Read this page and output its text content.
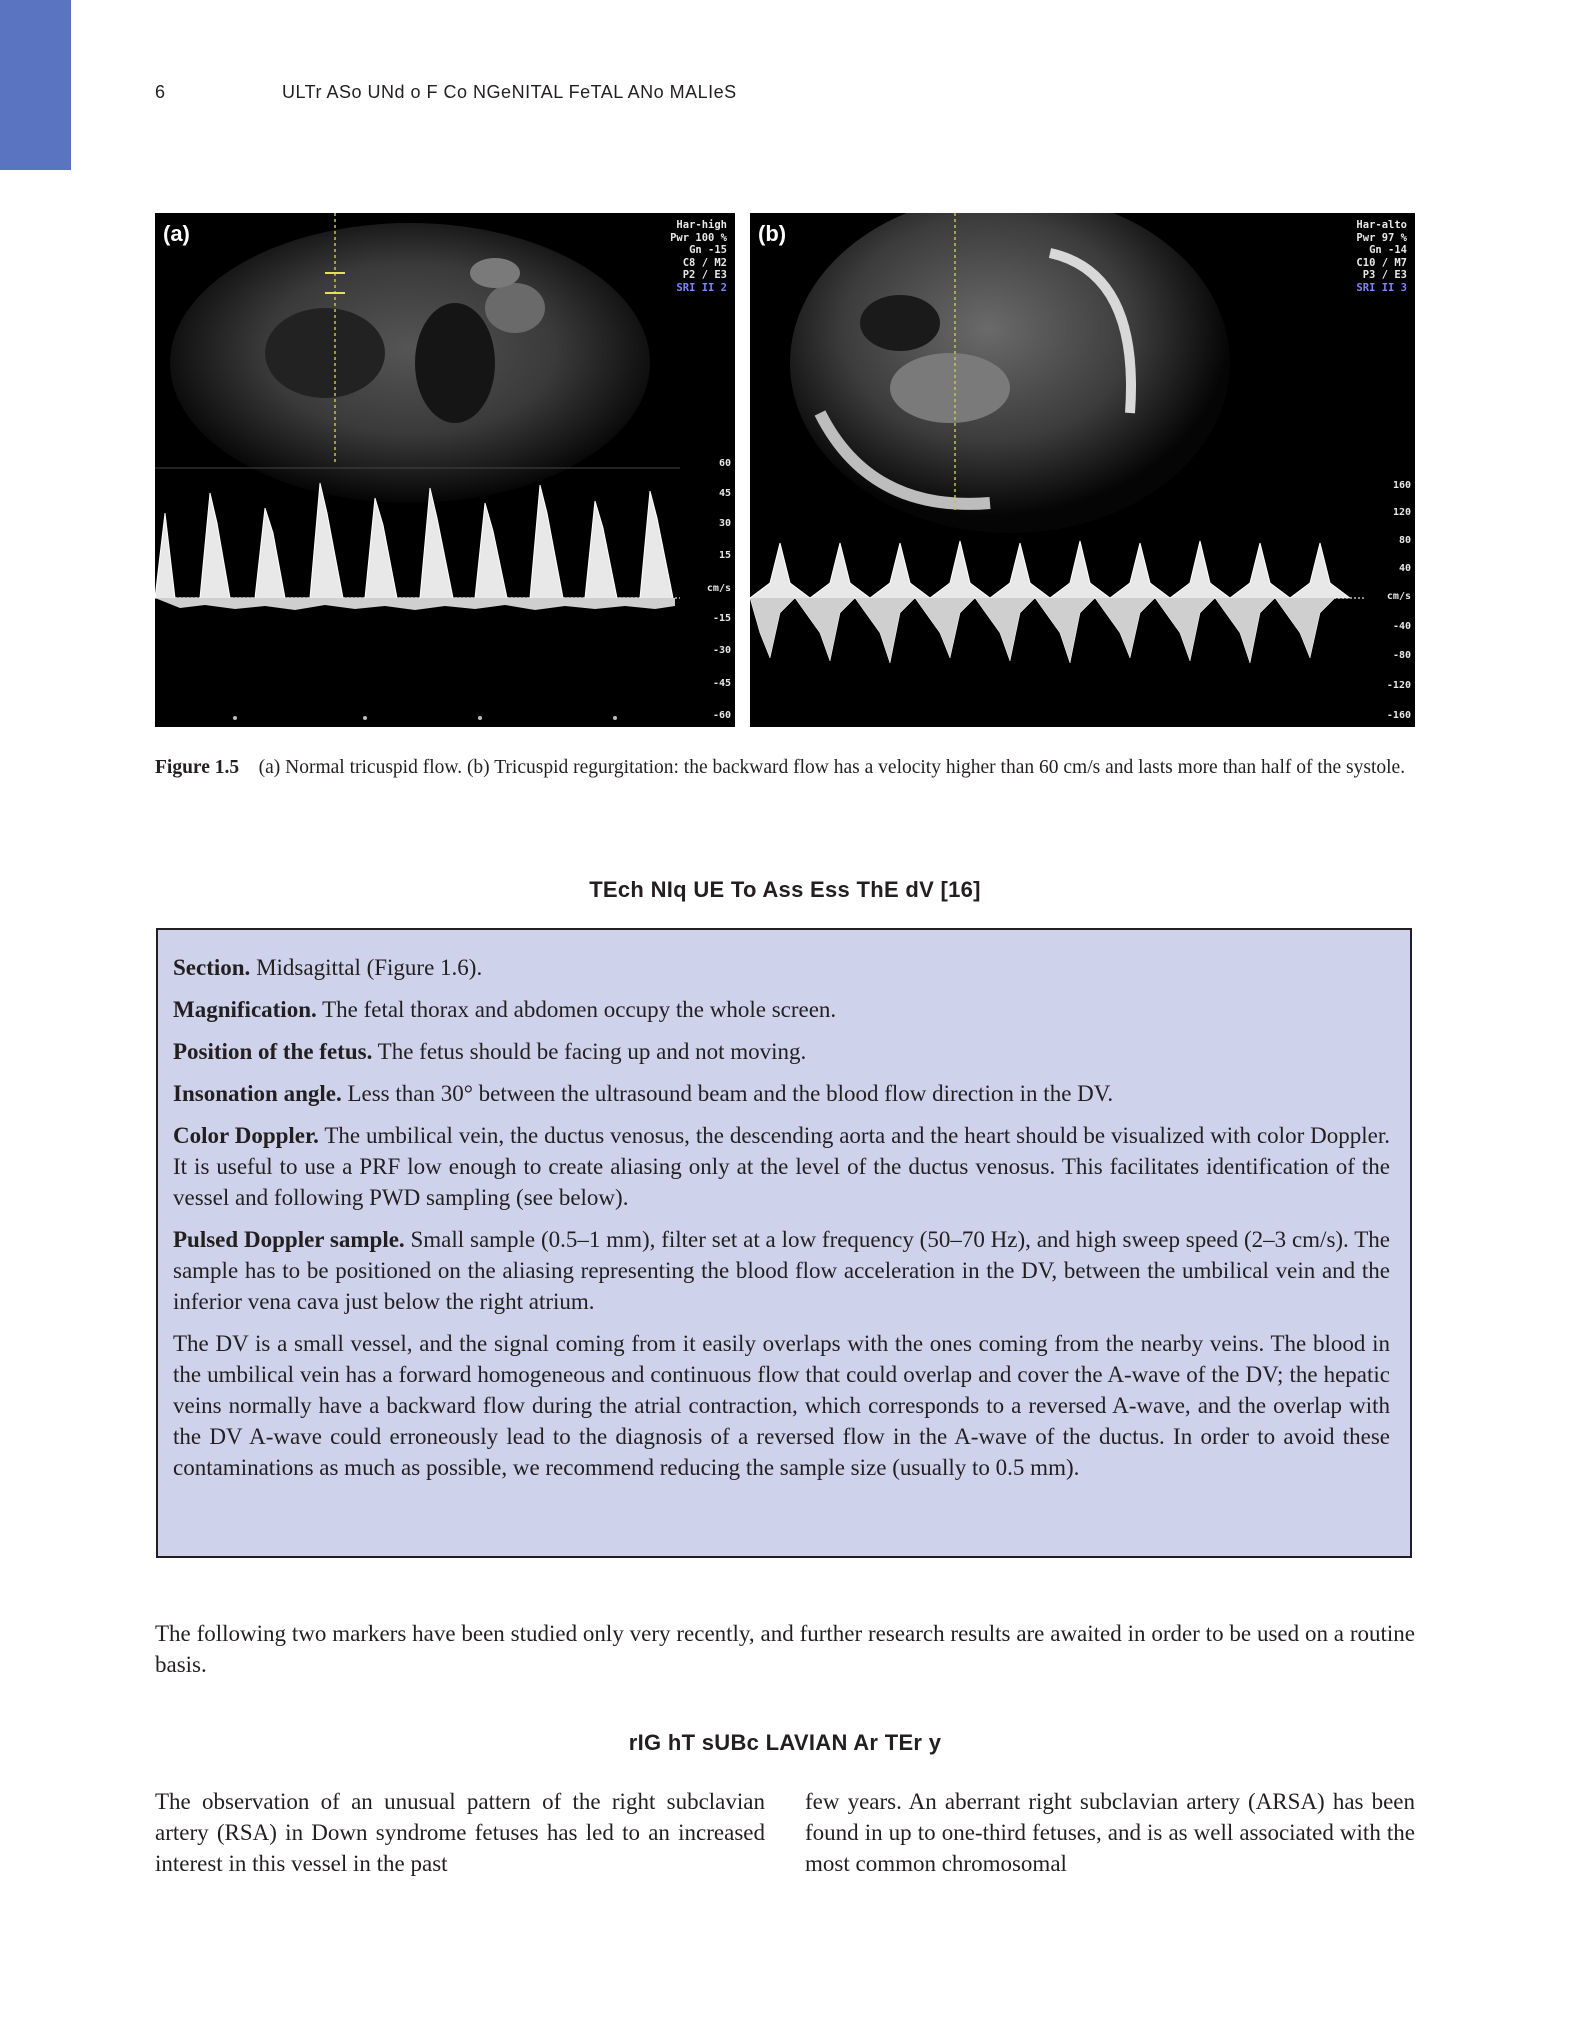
6	ULTr ASo UNd o F Co NGeNITAL FeTAL ANo MALIeS
(a)	Har-high
Pwr 100 %
Gn -15
C8 / M2
P2 / E3
SRI II 2
60
45
30
15
cm/s
-15
-30
-45
-60
(b)	Har-alto
Pwr 97 %
Gn -14
C10 / M7
P3 / E3
SRI II 3
160
120
80
40
cm/s
-40
-80
-120
-160
Figure 1.5 (a) Normal tricuspid flow. (b) Tricuspid regurgitation: the backward flow has a velocity higher than 60 cm/s and lasts more than half of the systole.
TEch NIq UE To Ass Ess ThE dV [16]

Section. Midsagittal (Figure 1.6).

Magnification. The fetal thorax and abdomen occupy the whole screen.

Position of the fetus. The fetus should be facing up and not moving.

Insonation angle. Less than 30° between the ultrasound beam and the blood flow direction in the DV.

Color Doppler. The umbilical vein, the ductus venosus, the descending aorta and the heart should be visualized with color Doppler. It is useful to use a PRF low enough to create aliasing only at the level of the ductus venosus. This facilitates identification of the vessel and following PWD sampling (see below).

Pulsed Doppler sample. Small sample (0.5–1 mm), filter set at a low frequency (50–70 Hz), and high sweep speed (2–3 cm/s). The sample has to be positioned on the aliasing representing the blood flow acceleration in the DV, between the umbilical vein and the inferior vena cava just below the right atrium.

The DV is a small vessel, and the signal coming from it easily overlaps with the ones coming from the nearby veins. The blood in the umbilical vein has a forward homogeneous and continuous flow that could overlap and cover the A-wave of the DV; the hepatic veins normally have a backward flow during the atrial contraction, which corresponds to a reversed A-wave, and the overlap with the DV A-wave could erroneously lead to the diagnosis of a reversed flow in the A-wave of the ductus. In order to avoid these contaminations as much as possible, we recommend reducing the sample size (usually to 0.5 mm).

The following two markers have been studied only very recently, and further research results are awaited in order to be used on a routine basis.

rIG hT sUBc LAVIAN Ar TEr y

The observation of an unusual pattern of the right subclavian artery (RSA) in Down syndrome fetuses has led to an increased interest in this vessel in the past

few years. An aberrant right subclavian artery (ARSA) has been found in up to one-third fetuses, and is as well associated with the most common chromosomal
